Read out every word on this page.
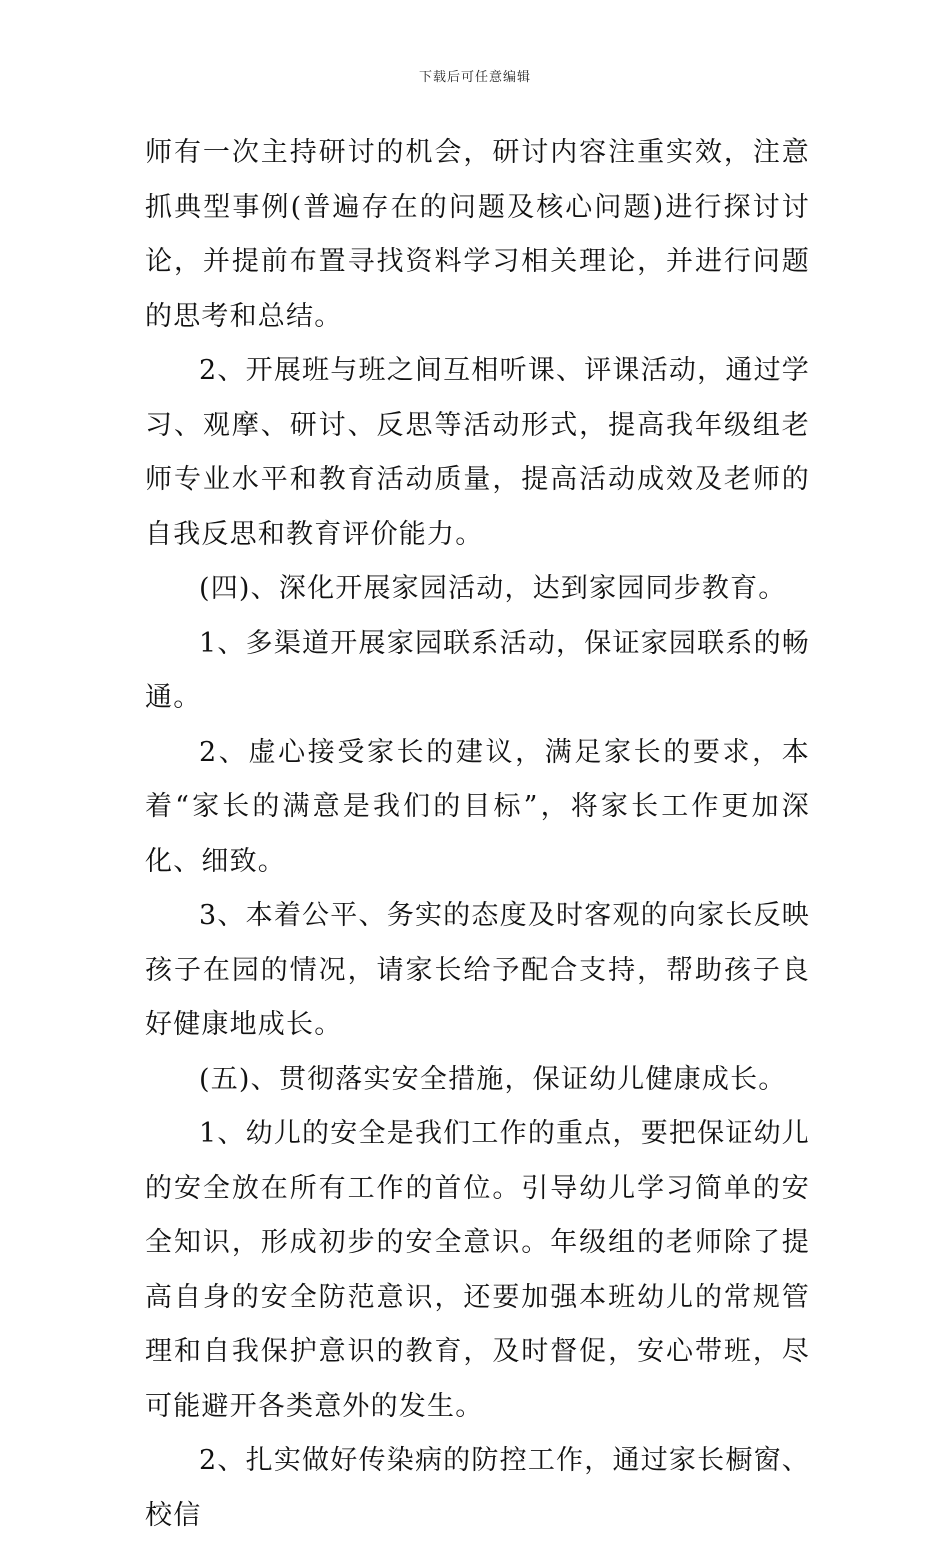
下载后可任意编辑

师有一次主持研讨的机会，研讨内容注重实效，注意抓典型事例(普遍存在的问题及核心问题)进行探讨讨论，并提前布置寻找资料学习相关理论，并进行问题的思考和总结。

2、开展班与班之间互相听课、评课活动，通过学习、观摩、研讨、反思等活动形式，提高我年级组老师专业水平和教育活动质量，提高活动成效及老师的自我反思和教育评价能力。

(四)、深化开展家园活动，达到家园同步教育。

1、多渠道开展家园联系活动，保证家园联系的畅通。

2、虚心接受家长的建议，满足家长的要求，本着“家长的满意是我们的目标”，将家长工作更加深化、细致。

3、本着公平、务实的态度及时客观的向家长反映孩子在园的情况，请家长给予配合支持，帮助孩子良好健康地成长。

(五)、贯彻落实安全措施，保证幼儿健康成长。

1、幼儿的安全是我们工作的重点，要把保证幼儿的安全放在所有工作的首位。引导幼儿学习简单的安全知识，形成初步的安全意识。年级组的老师除了提高自身的安全防范意识，还要加强本班幼儿的常规管理和自我保护意识的教育，及时督促，安心带班，尽可能避开各类意外的发生。

2、扎实做好传染病的防控工作，通过家长橱窗、校信
